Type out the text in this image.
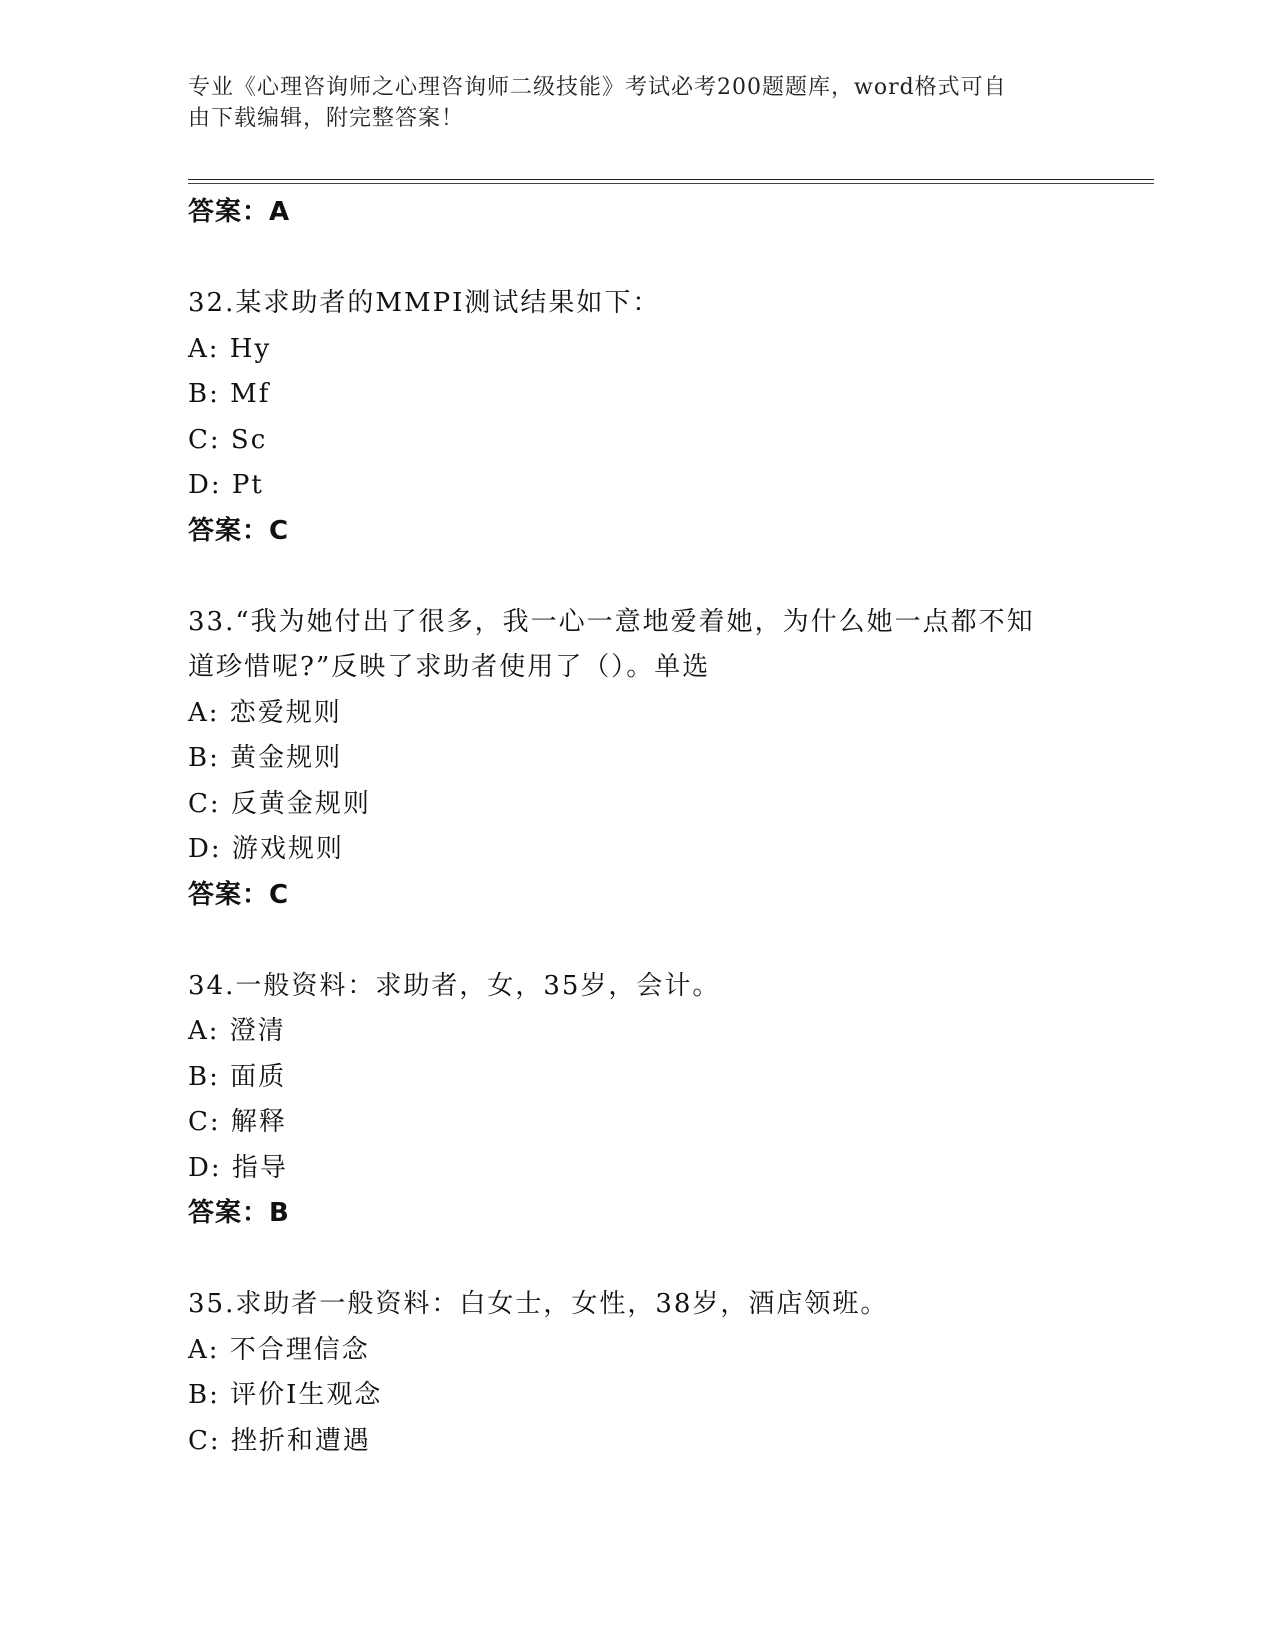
专业《心理咨询师之心理咨询师二级技能》考试必考200题题库，word格式可自
由下载编辑，附完整答案！
答案：A
32.某求助者的MMPI测试结果如下：
A: Hy
B: Mf
C: Sc
D: Pt
答案：C
33.“我为她付出了很多，我一心一意地爱着她，为什么她一点都不知
道珍惜呢?”反映了求助者使用了（）。单选
A: 恋爱规则
B: 黄金规则
C: 反黄金规则
D: 游戏规则
答案：C
34.一般资料：求助者，女，35岁，会计。
A: 澄清
B: 面质
C: 解释
D: 指导
答案：B
35.求助者一般资料：白女士，女性，38岁，酒店领班。
A: 不合理信念
B: 评价I生观念
C: 挫折和遭遇
